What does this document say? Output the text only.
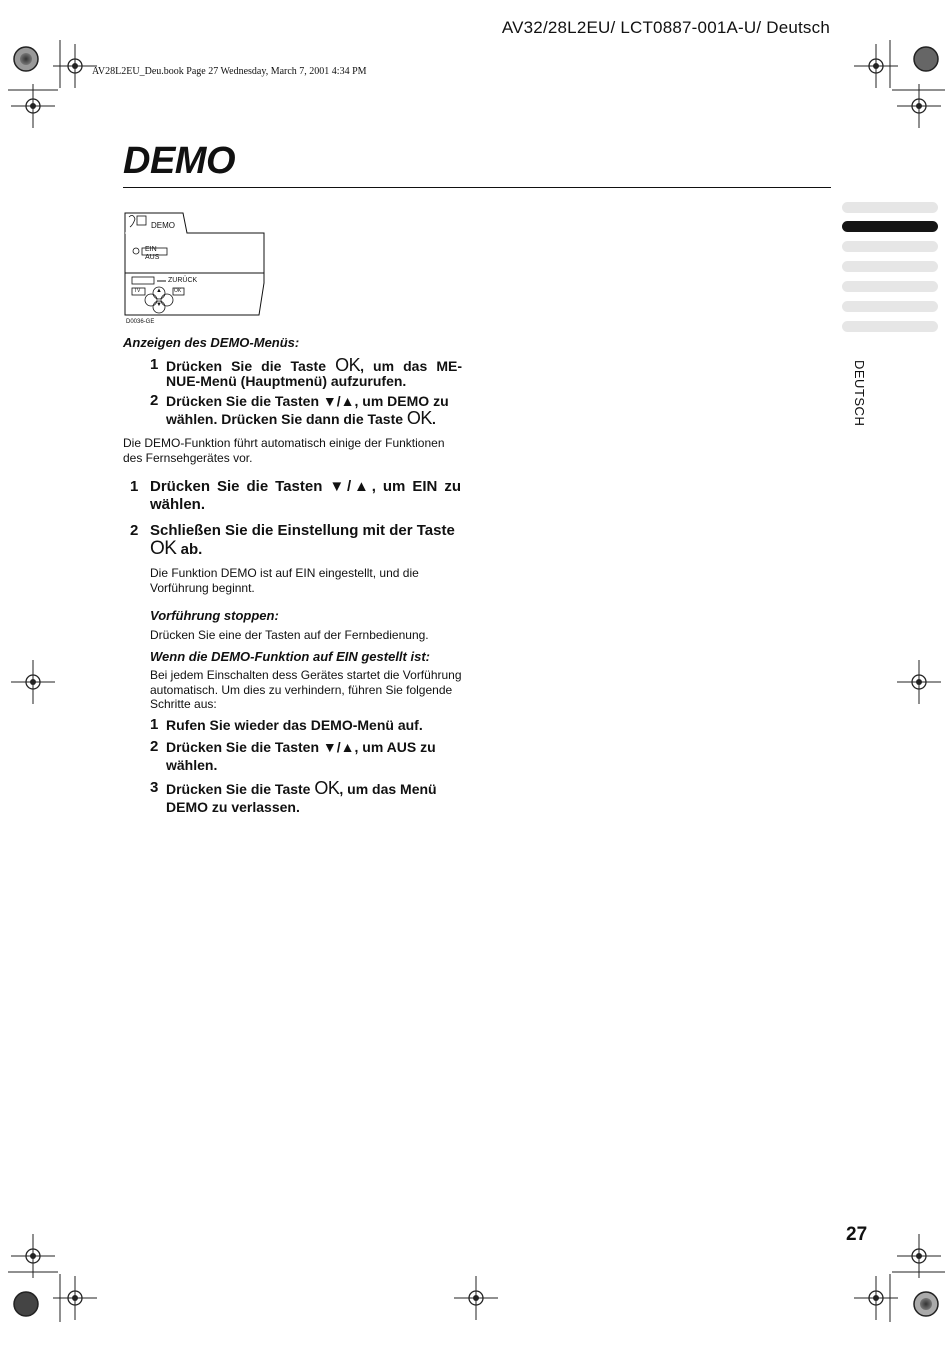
AV32/28L2EU/ LCT0887-001A-U/ Deutsch
AV28L2EU_Deu.book Page 27 Wednesday, March 7, 2001 4:34 PM
DEMO
DEUTSCH
DEMO
EIN
AUS
ZURÜCK
TV	OK
▲
▼
D0036-GE
Anzeigen des DEMO-Menüs:
1 Drücken Sie die Taste OK, um das ME-
NUE-Menü (Hauptmenü) aufzurufen.
2 Drücken Sie die Tasten ▼/▲, um DEMO zu
wählen. Drücken Sie dann die Taste OK.
Die DEMO-Funktion führt automatisch einige der Funktionen des Fernsehgerätes vor.
1 Drücken Sie die Tasten ▼/▲, um EIN zu
wählen.
2 Schließen Sie die Einstellung mit der Taste
OK ab.
Die Funktion DEMO ist auf EIN eingestellt, und die Vorführung beginnt.
Vorführung stoppen:
Drücken Sie eine der Tasten auf der Fernbedienung.
Wenn die DEMO-Funktion auf EIN gestellt ist:
Bei jedem Einschalten dess Gerätes startet die Vorführung automatisch. Um dies zu verhindern, führen Sie folgende Schritte aus:
1 Rufen Sie wieder das DEMO-Menü auf.
2 Drücken Sie die Tasten ▼/▲, um AUS zu
wählen.
3 Drücken Sie die Taste OK, um das Menü
DEMO zu verlassen.
27
